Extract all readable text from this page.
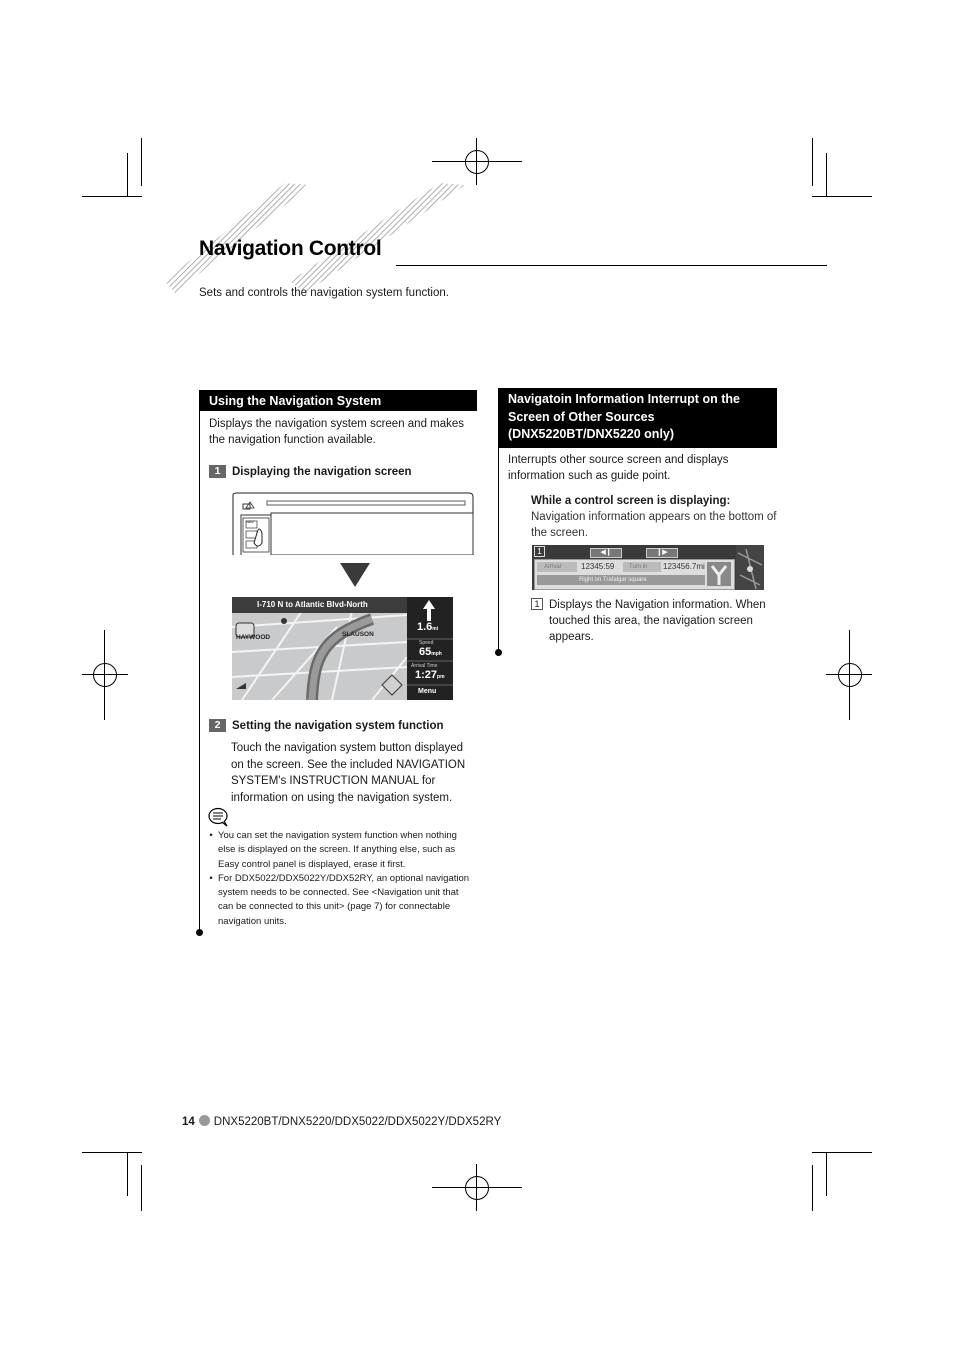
Navigation Control
Sets and controls the navigation system function.
Using the Navigation System
Displays the navigation system screen and makes the navigation function available.
1 Displaying the navigation screen
NAV
I-710 N to Atlantic Blvd-North
HAYWOOD	SLAUSON
1.6mi
Speed
65mph
Arrival Time
1:27pm
Menu
2 Setting the navigation system function
Touch the navigation system button displayed on the screen. See the included NAVIGATION SYSTEM's INSTRUCTION MANUAL for information on using the navigation system.
• You can set the navigation system function when nothing else is displayed on the screen. If anything else, such as Easy control panel is displayed, erase it first.
• For DDX5022/DDX5022Y/DDX52RY, an optional navigation system needs to be connected. See <Navigation unit that can be connected to this unit> (page 7) for connectable navigation units.
Navigatoin Information Interrupt on the Screen of Other Sources (DNX5220BT/DNX5220 only)
Interrupts other source screen and displays information such as guide point.
While a control screen is displaying:
Navigation information appears on the bottom of the screen.
1	◀❙	❙▶
Arrival	12345:59	Turn in	123456.7mi
Right on Trafalgar square
1 Displays the Navigation information. When touched this area, the navigation screen appears.
14 DNX5220BT/DNX5220/DDX5022/DDX5022Y/DDX52RY
